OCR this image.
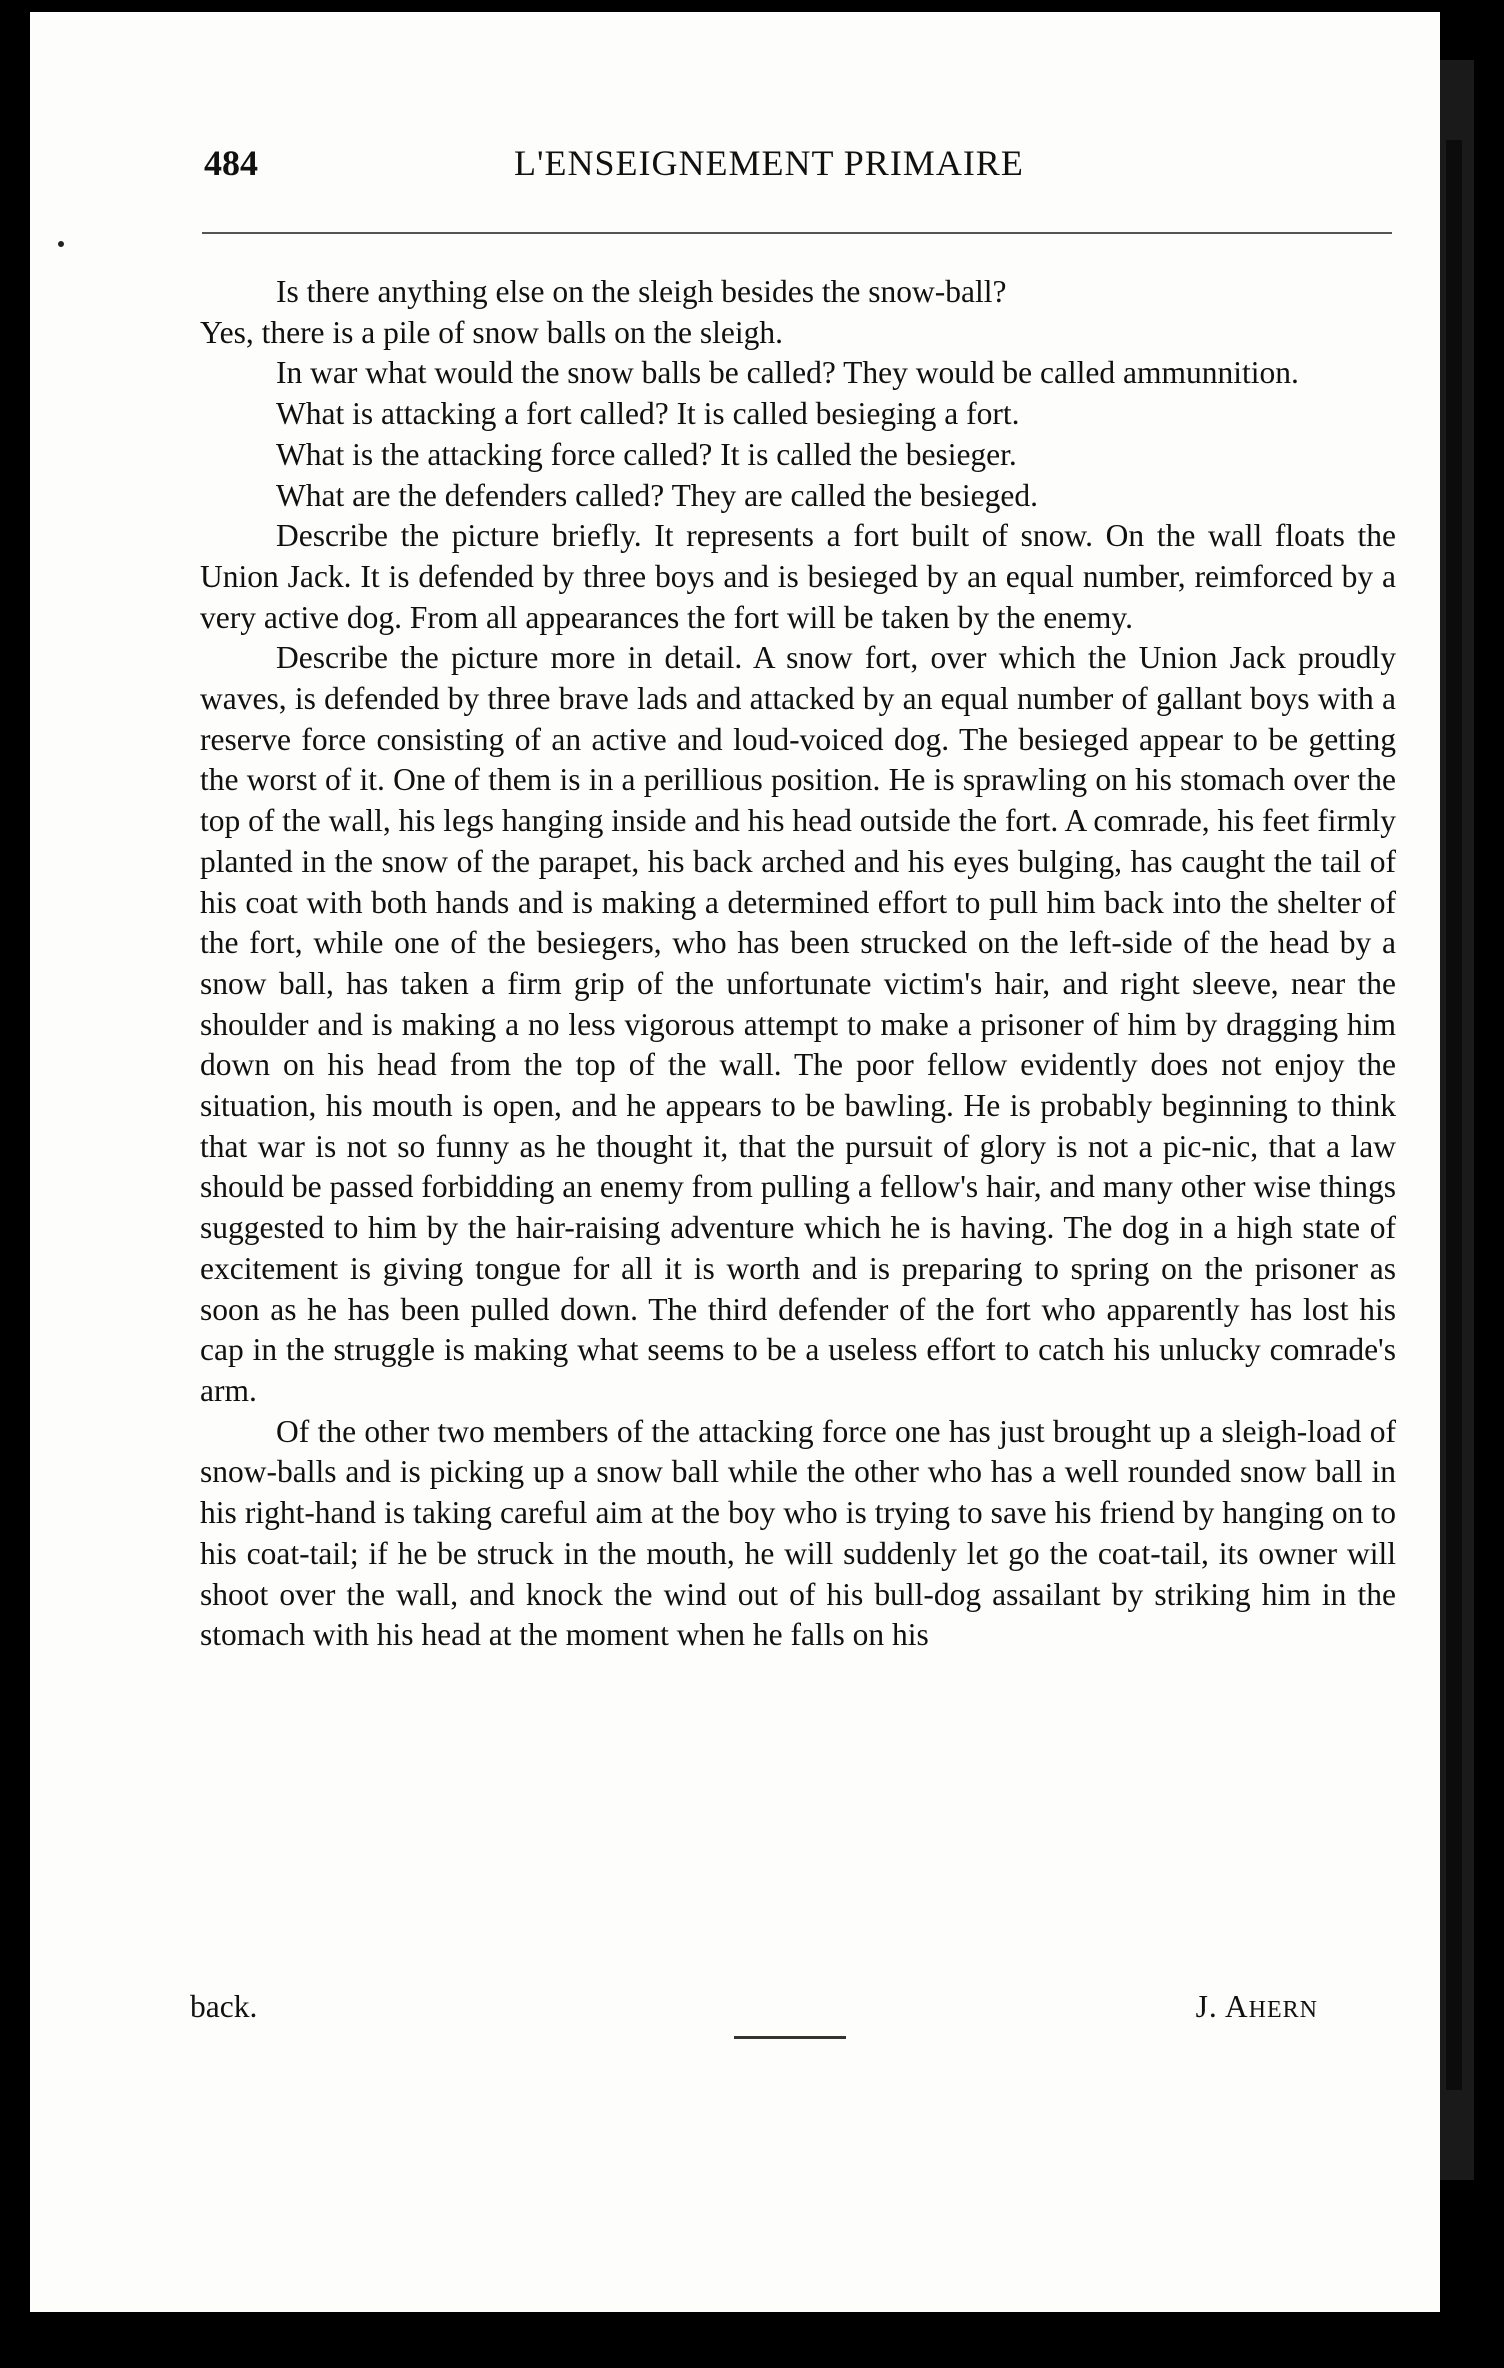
484	L'ENSEIGNEMENT PRIMAIRE

Is there anything else on the sleigh besides the snow-ball?

Yes, there is a pile of snow balls on the sleigh.

In war what would the snow balls be called? They would be called ammunnition.

What is attacking a fort called? It is called besieging a fort.

What is the attacking force called? It is called the besieger.

What are the defenders called? They are called the besieged.

Describe the picture briefly. It represents a fort built of snow. On the wall floats the Union Jack. It is defended by three boys and is besieged by an equal number, reimforced by a very active dog. From all appearances the fort will be taken by the enemy.

Describe the picture more in detail. A snow fort, over which the Union Jack proudly waves, is defended by three brave lads and attacked by an equal number of gallant boys with a reserve force consisting of an active and loud-voiced dog. The besieged appear to be getting the worst of it. One of them is in a perillious position. He is sprawling on his stomach over the top of the wall, his legs hanging inside and his head outside the fort. A comrade, his feet firmly planted in the snow of the parapet, his back arched and his eyes bulging, has caught the tail of his coat with both hands and is making a determined effort to pull him back into the shelter of the fort, while one of the besiegers, who has been strucked on the left-side of the head by a snow ball, has taken a firm grip of the unfortunate victim's hair, and right sleeve, near the shoulder and is making a no less vigorous attempt to make a prisoner of him by dragging him down on his head from the top of the wall. The poor fellow evidently does not enjoy the situation, his mouth is open, and he appears to be bawling. He is probably beginning to think that war is not so funny as he thought it, that the pursuit of glory is not a pic-nic, that a law should be passed forbidding an enemy from pulling a fellow's hair, and many other wise things suggested to him by the hair-raising adventure which he is having. The dog in a high state of excitement is giving tongue for all it is worth and is preparing to spring on the prisoner as soon as he has been pulled down. The third defender of the fort who apparently has lost his cap in the struggle is making what seems to be a useless effort to catch his unlucky comrade's arm.

Of the other two members of the attacking force one has just brought up a sleigh-load of snow-balls and is picking up a snow ball while the other who has a well rounded snow ball in his right-hand is taking careful aim at the boy who is trying to save his friend by hanging on to his coat-tail; if he be struck in the mouth, he will suddenly let go the coat-tail, its owner will shoot over the wall, and knock the wind out of his bull-dog assailant by striking him in the stomach with his head at the moment when he falls on his

back.	J. AHERN
